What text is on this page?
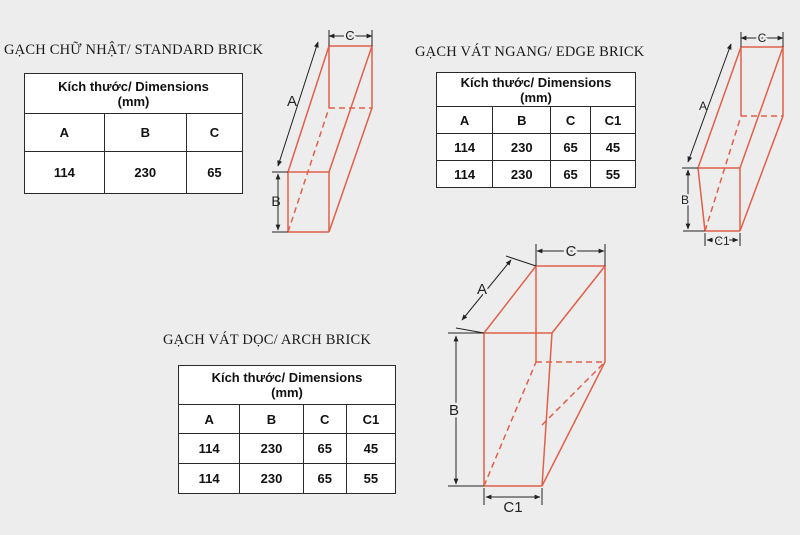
GẠCH CHỮ NHẬT/ STANDARD BRICK	GẠCH VÁT NGANG/ EDGE BRICK
GẠCH VÁT DỌC/ ARCH BRICK
Kích thước/ Dimensions
(mm)		
A	B	C
114	230	65
Kích thước/ Dimensions
(mm)			
A	B	C	C1
114	230	65	45
114	230	65	55
Kích thước/ Dimensions
(mm)			
A	B	C	C1
114	230	65	45
114	230	65	55
C
A
B
C
A
B
C1
C
A
B
C1
